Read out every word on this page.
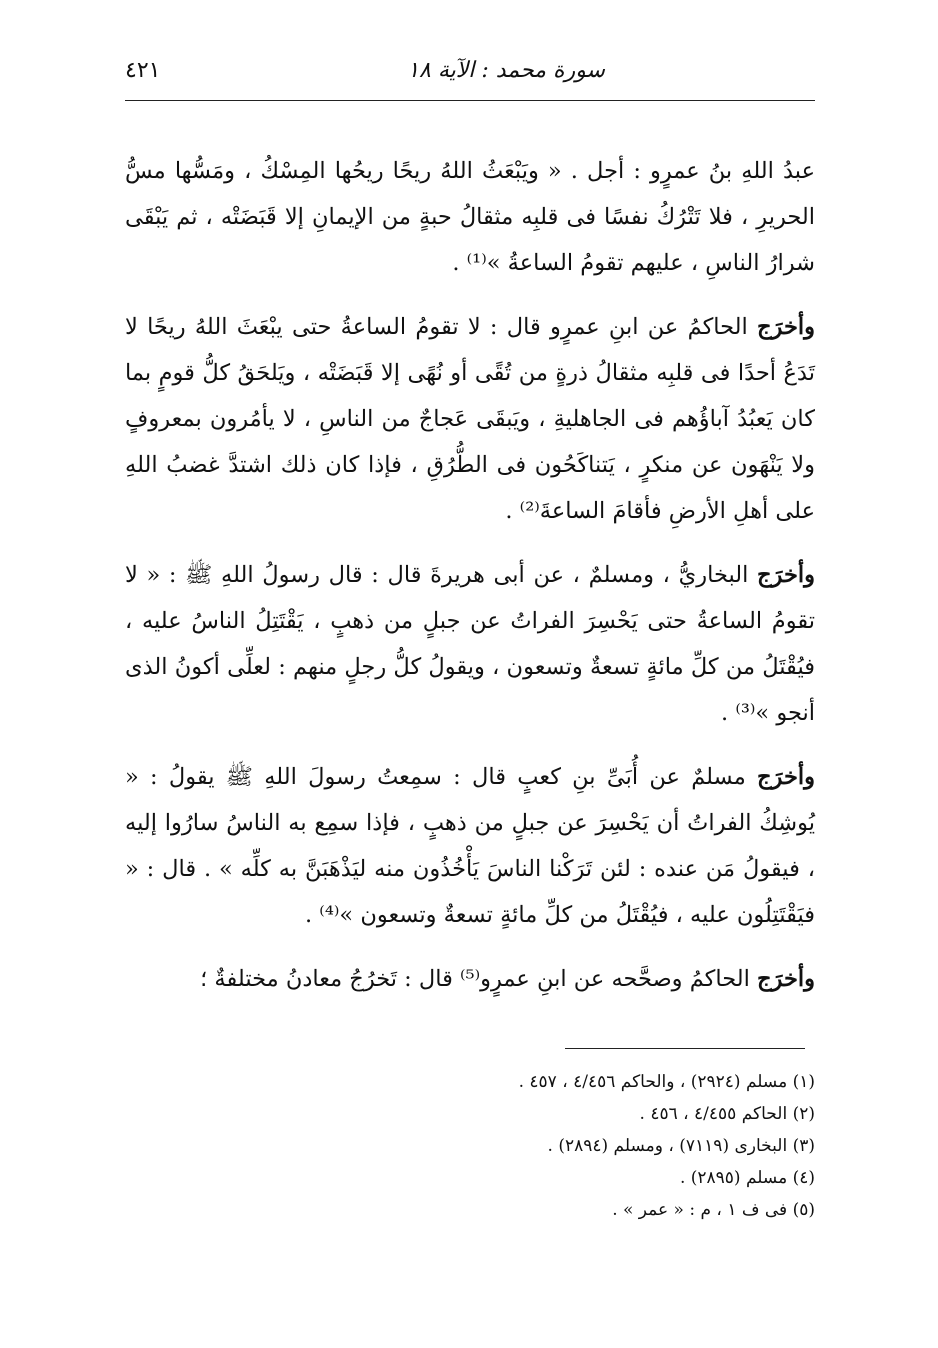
سورة محمد : الآية ١٨
٤٢١

عبدُ اللهِ بنُ عمرٍو : أجل . « ويَبْعَثُ اللهُ ريحًا ريحُها المِسْكُ ، ومَسُّها مسُّ الحريرِ ، فلا تَتْرُكُ نفسًا فى قلبِه مثقالُ حبةٍ من الإيمانِ إلا قَبَضَتْه ، ثم يَبْقَى شرارُ الناسِ ، عليهم تقومُ الساعةُ »⁽¹⁾ .

وأخرَج الحاكمُ عن ابنِ عمرٍو قال : لا تقومُ الساعةُ حتى يبْعَثَ اللهُ ريحًا لا تَدَعُ أحدًا فى قلبِه مثقالُ ذرةٍ من تُقًى أو نُهًى إلا قَبَضَتْه ، ويَلحَقُ كلُّ قومٍ بما كان يَعبُدُ آباؤُهم فى الجاهليةِ ، ويَبقَى عَجاجٌ من الناسِ ، لا يأمُرون بمعروفٍ ولا يَنْهَون عن منكرٍ ، يَتناكَحُون فى الطُّرُقِ ، فإذا كان ذلك اشتدَّ غضبُ اللهِ على أهلِ الأرضِ فأقامَ الساعةَ⁽²⁾ .

وأخرَج البخاريُّ ، ومسلمٌ ، عن أبى هريرةَ قال : قال رسولُ اللهِ ﷺ : « لا تقومُ الساعةُ حتى يَحْسِرَ الفراتُ عن جبلٍ من ذهبٍ ، يَقْتَتِلُ الناسُ عليه ، فيُقْتَلُ من كلِّ مائةٍ تسعةٌ وتسعون ، ويقولُ كلُّ رجلٍ منهم : لعلِّى أكونُ الذى أنجو »⁽³⁾ .

وأخرَج مسلمٌ عن أُبَىِّ بنِ كعبٍ قال : سمِعتُ رسولَ اللهِ ﷺ يقولُ : « يُوشِكُ الفراتُ أن يَحْسِرَ عن جبلٍ من ذهبٍ ، فإذا سمِع به الناسُ سارُوا إليه ، فيقولُ مَن عنده : لئن تَرَكْنا الناسَ يَأْخُذُون منه ليَذْهَبَنَّ به كلِّه » . قال : « فيَقْتَتِلُون عليه ، فيُقْتَلُ من كلِّ مائةٍ تسعةٌ وتسعون »⁽⁴⁾ .

وأخرَج الحاكمُ وصحَّحه عن ابنِ عمرٍو⁽⁵⁾ قال : تَخرُجُ معادنُ مختلفةٌ ؛

(١) مسلم (٢٩٢٤) ، والحاكم ٤/٤٥٦ ، ٤٥٧ .
(٢) الحاكم ٤/٤٥٥ ، ٤٥٦ .
(٣) البخارى (٧١١٩) ، ومسلم (٢٨٩٤) .
(٤) مسلم (٢٨٩٥) .
(٥) فى ف ١ ، م : « عمر » .
